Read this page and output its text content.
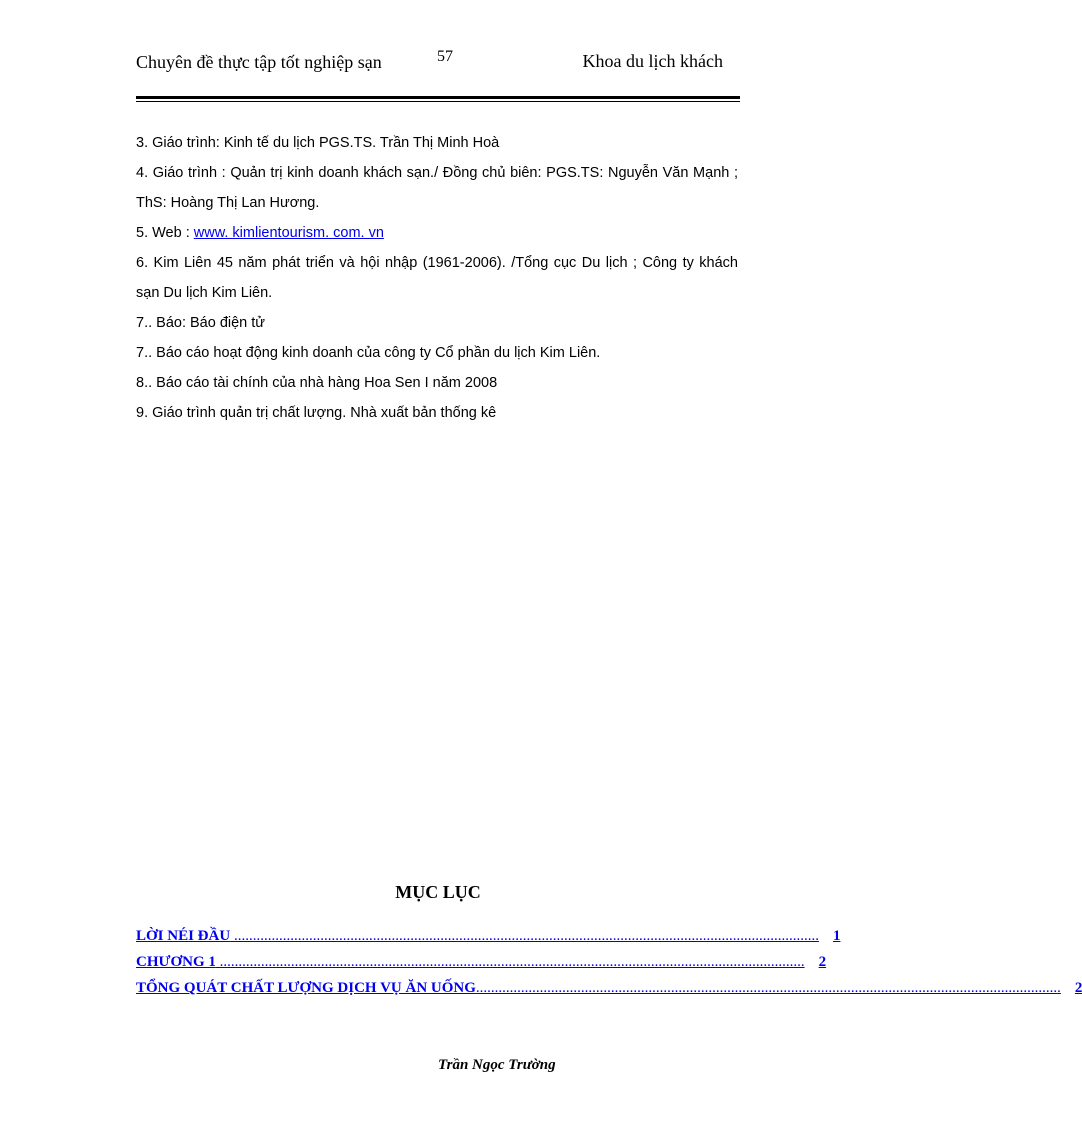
Chuyên đề thực tập tốt nghiệp sạn	57	Khoa du lịch khách

3. Giáo trình: Kinh tế du lịch PGS.TS. Trần Thị Minh Hoà

4. Giáo trình : Quản trị kinh doanh khách sạn./ Đồng chủ biên: PGS.TS: Nguyễn Văn Mạnh ; ThS: Hoàng Thị Lan Hương.

5. Web : www. kimlientourism. com. vn

6. Kim Liên 45 năm phát triển và hội nhập (1961-2006). /Tổng cục Du lịch ; Công ty khách sạn Du lịch Kim Liên.

7.. Báo: Báo điện tử

7.. Báo cáo hoạt động kinh doanh của công ty Cổ phần du lịch Kim Liên.

8.. Báo cáo tài chính của nhà hàng Hoa Sen I năm 2008

9. Giáo trình quản trị chất lượng. Nhà xuất bản thống kê

MỤC LỤC
LỜI NÉI ĐẦU ............................................................................................................................................................ 1
CHƯƠNG 1 ............................................................................................................................................................ 2
TỔNG QUÁT CHẤT LƯỢNG DỊCH VỤ ĂN UỐNG ............................................................................................................................................................ 2
Trần Ngọc Trường
